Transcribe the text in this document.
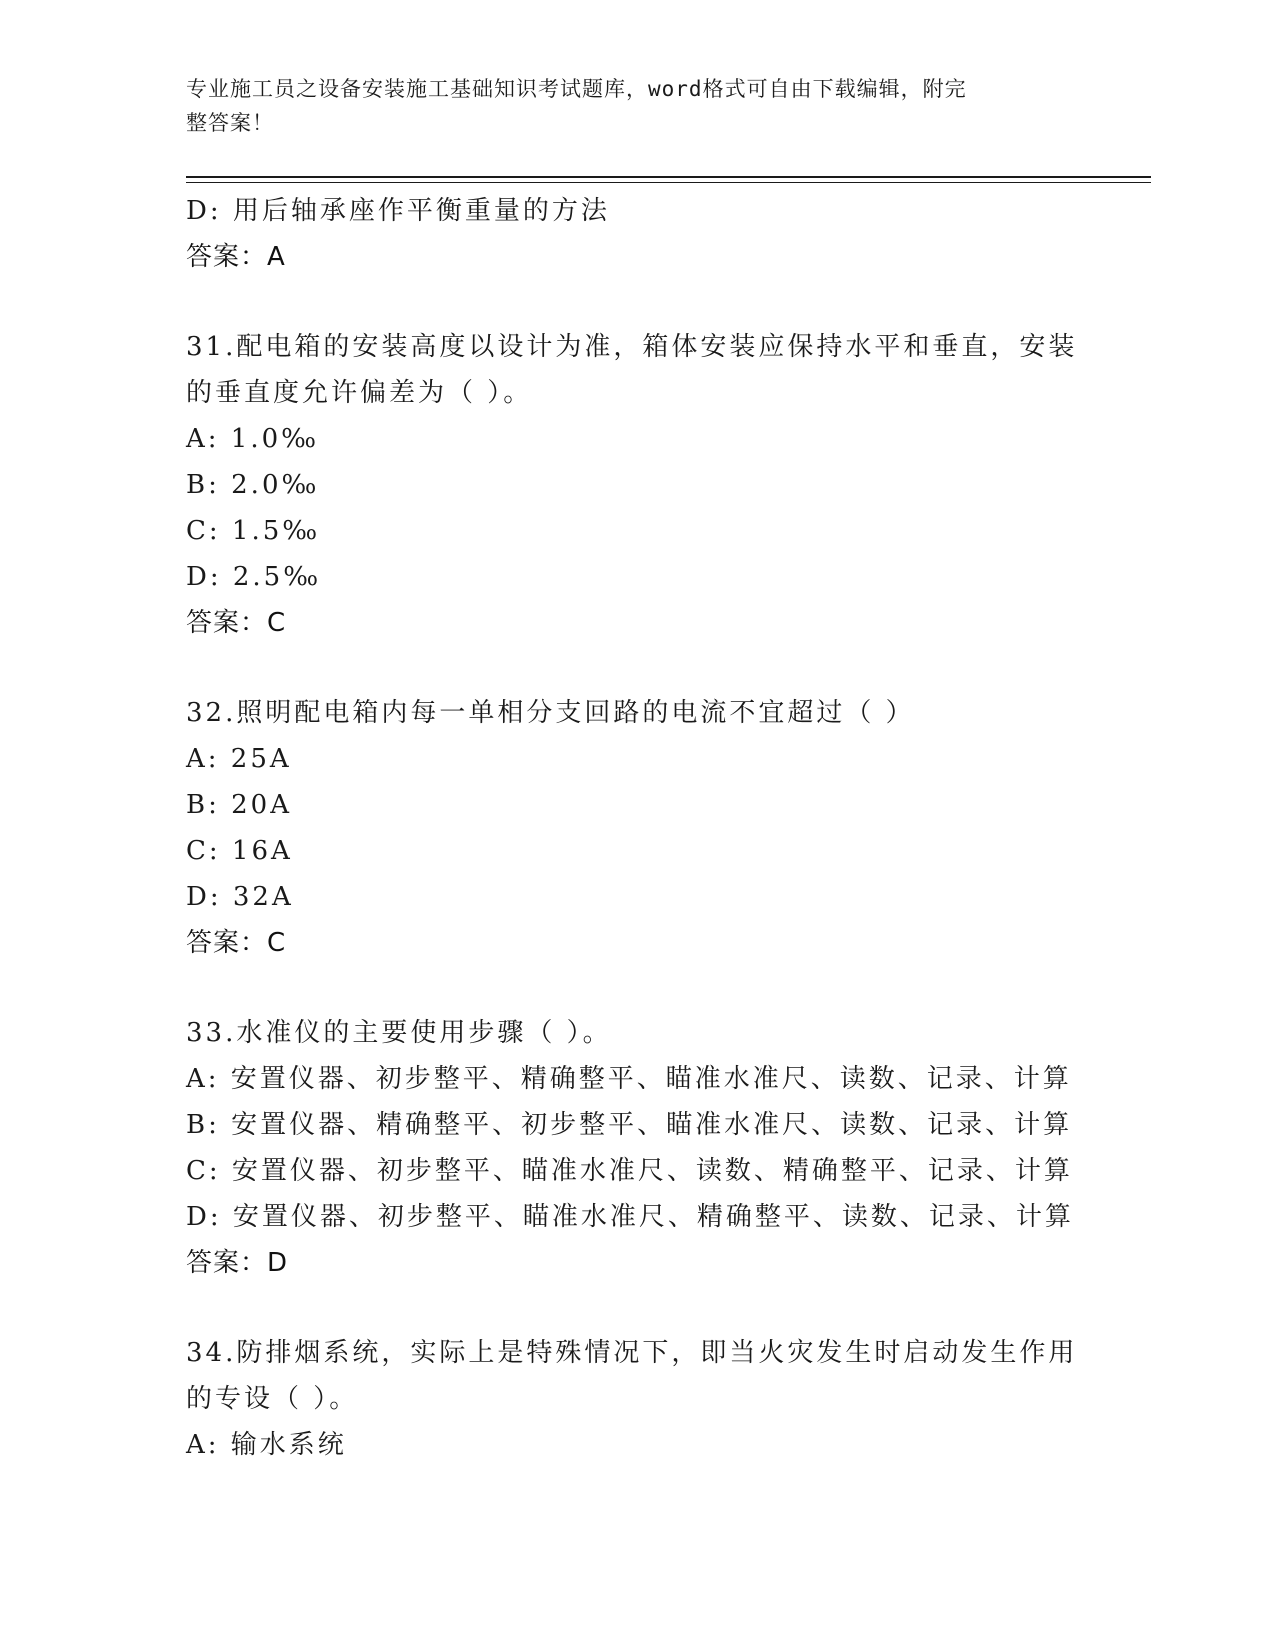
专业施工员之设备安装施工基础知识考试题库，word格式可自由下载编辑，附完
整答案！
D: 用后轴承座作平衡重量的方法
答案：A
31.配电箱的安装高度以设计为准，箱体安装应保持水平和垂直，安装
的垂直度允许偏差为（ ）。
A: 1.0‰
B: 2.0‰
C: 1.5‰
D: 2.5‰
答案：C
32.照明配电箱内每一单相分支回路的电流不宜超过（ ）
A: 25A
B: 20A
C: 16A
D: 32A
答案：C
33.水准仪的主要使用步骤（ ）。
A: 安置仪器、初步整平、精确整平、瞄准水准尺、读数、记录、计算
B: 安置仪器、精确整平、初步整平、瞄准水准尺、读数、记录、计算
C: 安置仪器、初步整平、瞄准水准尺、读数、精确整平、记录、计算
D: 安置仪器、初步整平、瞄准水准尺、精确整平、读数、记录、计算
答案：D
34.防排烟系统，实际上是特殊情况下，即当火灾发生时启动发生作用
的专设（ ）。
A: 输水系统
